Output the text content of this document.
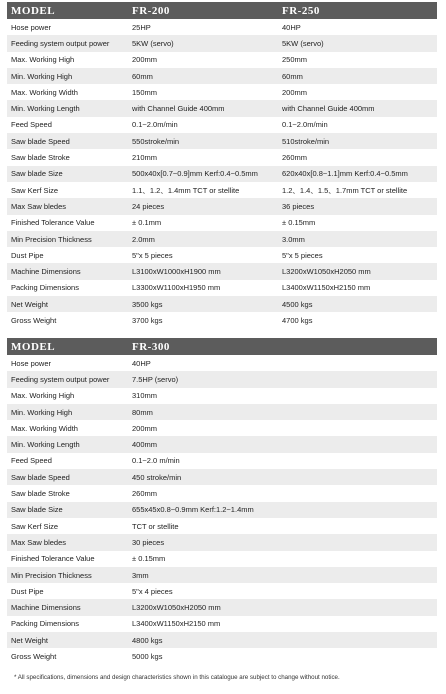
MODEL	FR-200	FR-250
Hose power	25HP	40HP
Feeding system output power	5KW (servo)	5KW (servo)
Max. Working High	200mm	250mm
Min. Working High	60mm	60mm
Max. Working Width	150mm	200mm
Min. Working Length	with Channel Guide 400mm	with Channel Guide 400mm
Feed Speed	0.1~2.0m/min	0.1~2.0m/min
Saw blade Speed	550stroke/min	510stroke/min
Saw blade Stroke	210mm	260mm
Saw blade Size	500x40x[0.7~0.9]mm Kerf:0.4~0.5mm	620x40x[0.8~1.1]mm Kerf:0.4~0.5mm
Saw Kerf Size	1.1、1.2、1.4mm TCT or stellite	1.2、1.4、1.5、1.7mm TCT or stellite
Max Saw bledes	24 pieces	36 pieces
Finished Tolerance Value	± 0.1mm	± 0.15mm
Min Precision Thickness	2.0mm	3.0mm
Dust Pipe	5"x 5 pieces	5"x 5 pieces
Machine Dimensions	L3100xW1000xH1900 mm	L3200xW1050xH2050 mm
Packing Dimensions	L3300xW1100xH1950 mm	L3400xW1150xH2150 mm
Net Weight	3500 kgs	4500 kgs
Gross Weight	3700 kgs	4700 kgs
MODEL	FR-300
Hose power	40HP
Feeding system output power	7.5HP (servo)
Max. Working High	310mm
Min. Working High	80mm
Max. Working Width	200mm
Min. Working Length	400mm
Feed Speed	0.1~2.0 m/min
Saw blade Speed	450 stroke/min
Saw blade Stroke	260mm
Saw blade Size	655x45x0.8~0.9mm Kerf:1.2~1.4mm
Saw Kerf Size	TCT or stellite
Max Saw bledes	30 pieces
Finished Tolerance Value	± 0.15mm
Min Precision Thickness	3mm
Dust Pipe	5"x 4 pieces
Machine Dimensions	L3200xW1050xH2050 mm
Packing Dimensions	L3400xW1150xH2150 mm
Net Weight	4800 kgs
Gross Weight	5000 kgs
* All specifications, dimensions and design characteristics shown in this catalogue are subject to change without notice.
